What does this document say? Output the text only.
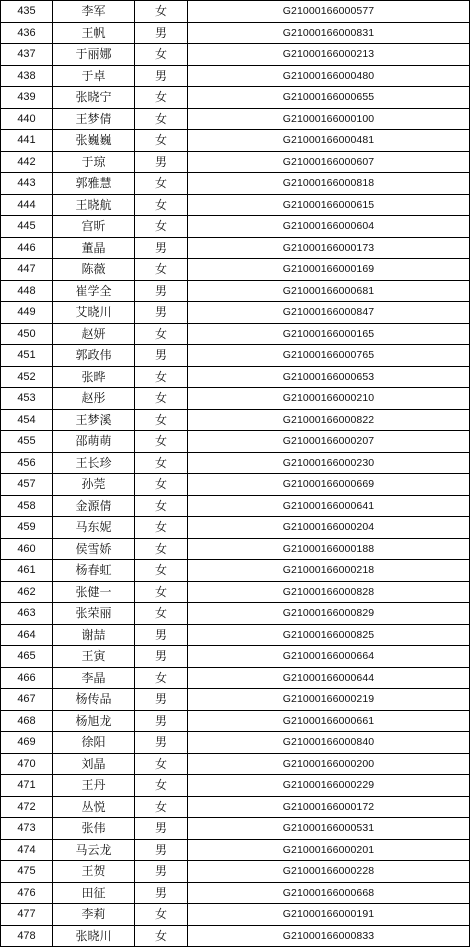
435	李军	女	G21000166000577
436	王帆	男	G21000166000831
437	于丽娜	女	G21000166000213
438	于卓	男	G21000166000480
439	张晓宁	女	G21000166000655
440	王梦倩	女	G21000166000100
441	张巍巍	女	G21000166000481
442	于琼	男	G21000166000607
443	郭雅慧	女	G21000166000818
444	王晓航	女	G21000166000615
445	宫昕	女	G21000166000604
446	董晶	男	G21000166000173
447	陈薇	女	G21000166000169
448	崔学全	男	G21000166000681
449	艾晓川	男	G21000166000847
450	赵妍	女	G21000166000165
451	郭政伟	男	G21000166000765
452	张晔	女	G21000166000653
453	赵彤	女	G21000166000210
454	王梦溪	女	G21000166000822
455	邵萌萌	女	G21000166000207
456	王长珍	女	G21000166000230
457	孙莞	女	G21000166000669
458	金源倩	女	G21000166000641
459	马东妮	女	G21000166000204
460	侯雪娇	女	G21000166000188
461	杨春虹	女	G21000166000218
462	张健一	女	G21000166000828
463	张荣丽	女	G21000166000829
464	谢喆	男	G21000166000825
465	王寅	男	G21000166000664
466	李晶	女	G21000166000644
467	杨传品	男	G21000166000219
468	杨旭龙	男	G21000166000661
469	徐阳	男	G21000166000840
470	刘晶	女	G21000166000200
471	王丹	女	G21000166000229
472	丛悦	女	G21000166000172
473	张伟	男	G21000166000531
474	马云龙	男	G21000166000201
475	王贺	男	G21000166000228
476	田征	男	G21000166000668
477	李莉	女	G21000166000191
478	张晓川	女	G21000166000833
